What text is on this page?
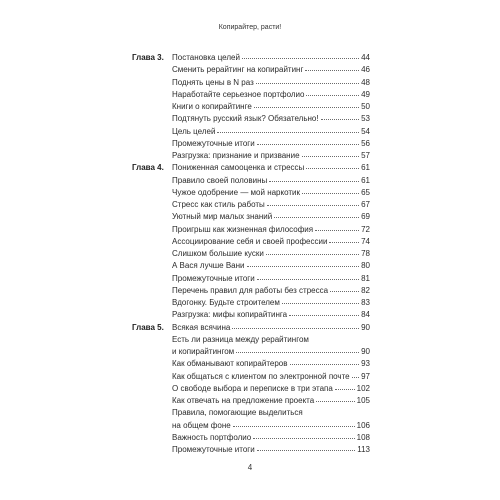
Копирайтер, расти!
Глава 3. Постановка целей	44
Сменить рерайтинг на копирайтинг	46
Поднять цены в N раз	48
Наработайте серьезное портфолио	49
Книги о копирайтинге	50
Подтянуть русский язык? Обязательно!	53
Цель целей	54
Промежуточные итоги	56
Разгрузка: признание и призвание	57
Глава 4. Пониженная самооценка и стрессы	61
Правило своей половины	61
Чужое одобрение — мой наркотик	65
Стресс как стиль работы	67
Уютный мир малых знаний	69
Проигрыш как жизненная философия	72
Ассоциирование себя и своей профессии	74
Слишком большие куски	78
А Вася лучше Вани	80
Промежуточные итоги	81
Перечень правил для работы без стресса	82
Вдогонку. Будьте строителем	83
Разгрузка: мифы копирайтинга	84
Глава 5. Всякая всячина	90
Есть ли разница между рерайтингом
и копирайтингом	90
Как обманывают копирайтеров	93
Как общаться с клиентом по электронной почте 97
О свободе выбора и переписке в три этапа	102
Как отвечать на предложение проекта	105
Правила, помогающие выделиться
на общем фоне	106
Важность портфолио	108
Промежуточные итоги	113
4
